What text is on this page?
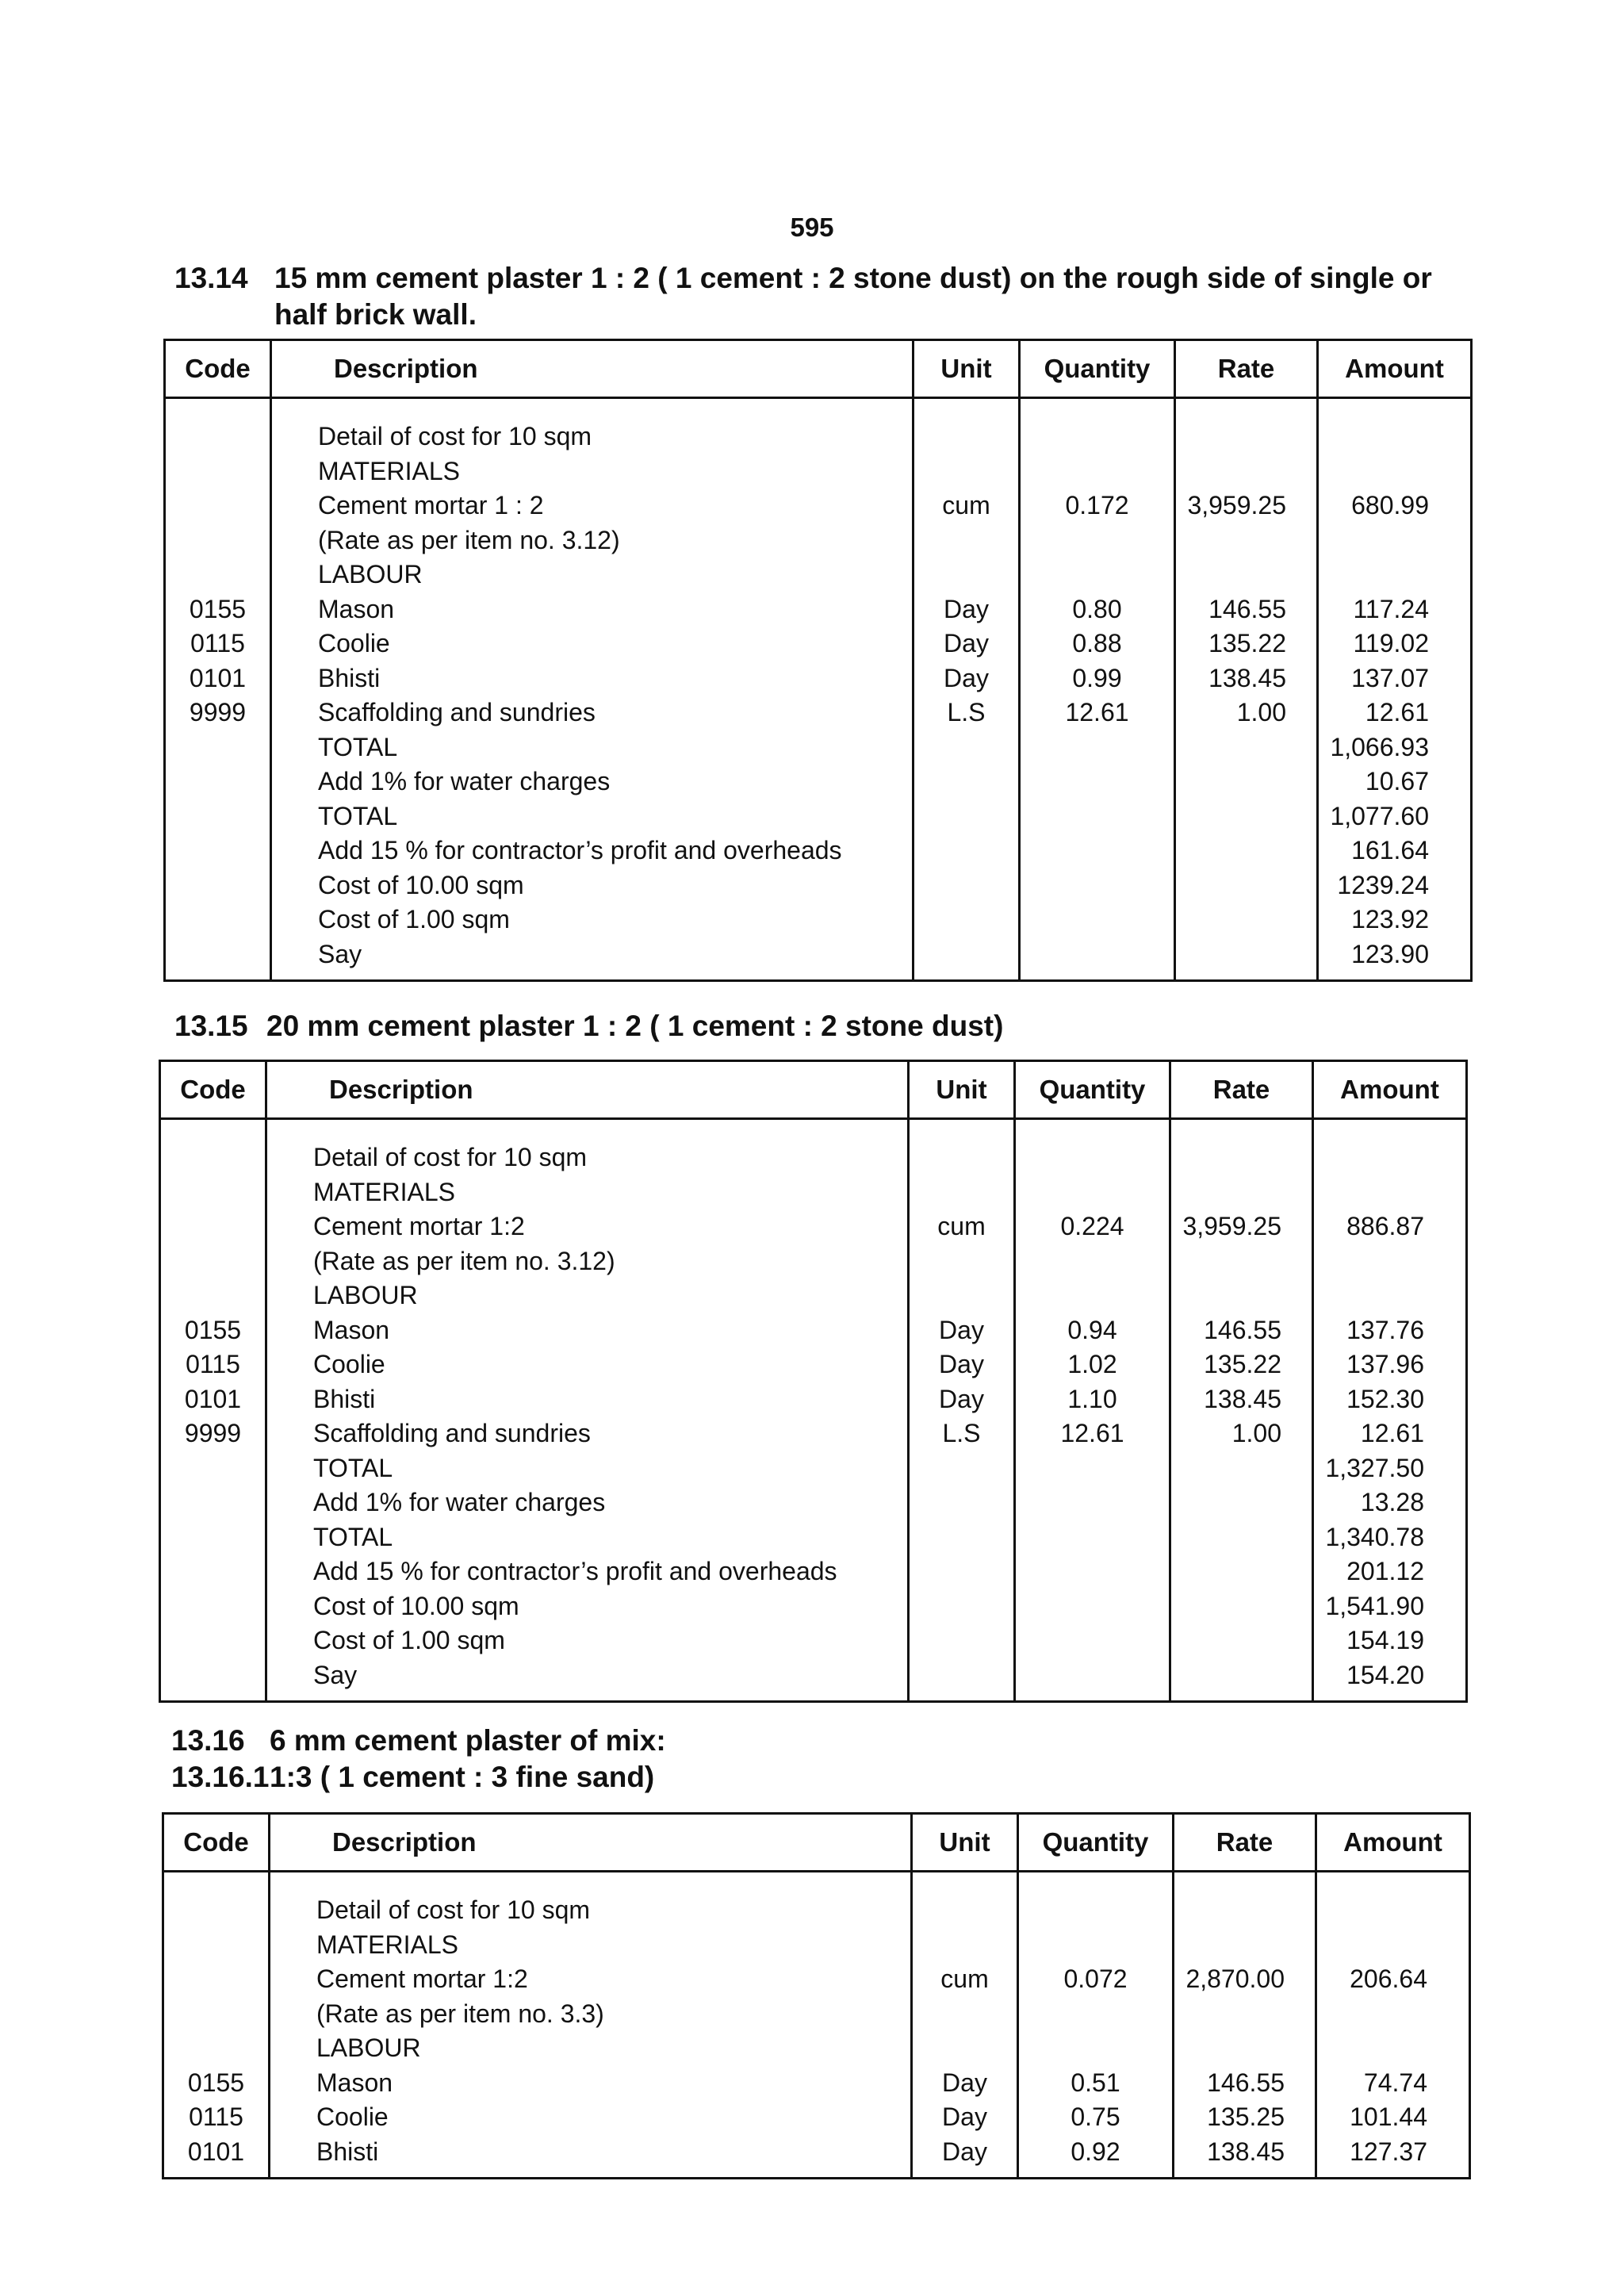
595
13.14 15 mm cement plaster 1 : 2 ( 1 cement : 2 stone dust) on the rough side of single or
half brick wall.
Code	Description	Unit	Quantity	Rate	Amount

	Detail of cost for 10 sqm				
	MATERIALS				
	Cement mortar 1 : 2	cum	0.172	3,959.25	680.99
	(Rate as per item no. 3.12)				
	LABOUR				
0155	Mason	Day	0.80	146.55	117.24
0115	Coolie	Day	0.88	135.22	119.02
0101	Bhisti	Day	0.99	138.45	137.07
9999	Scaffolding and sundries	L.S	12.61	1.00	12.61
	TOTAL				1,066.93
	Add 1% for water charges				10.67
	TOTAL				1,077.60
	Add 15 % for contractor’s profit and overheads				161.64
	Cost of 10.00 sqm				1239.24
	Cost of 1.00 sqm				123.92
	Say				123.90
13.15 20 mm cement plaster 1 : 2 ( 1 cement : 2 stone dust)
Code	Description	Unit	Quantity	Rate	Amount

	Detail of cost for 10 sqm				
	MATERIALS				
	Cement mortar 1:2	cum	0.224	3,959.25	886.87
	(Rate as per item no. 3.12)				
	LABOUR				
0155	Mason	Day	0.94	146.55	137.76
0115	Coolie	Day	1.02	135.22	137.96
0101	Bhisti	Day	1.10	138.45	152.30
9999	Scaffolding and sundries	L.S	12.61	1.00	12.61
	TOTAL				1,327.50
	Add 1% for water charges				13.28
	TOTAL				1,340.78
	Add 15 % for contractor’s profit and overheads				201.12
	Cost of 10.00 sqm				1,541.90
	Cost of 1.00 sqm				154.19
	Say				154.20
13.16 6 mm cement plaster of mix:
13.16.11:3 ( 1 cement : 3 fine sand)
Code	Description	Unit	Quantity	Rate	Amount

	Detail of cost for 10 sqm				
	MATERIALS				
	Cement mortar 1:2	cum	0.072	2,870.00	206.64
	(Rate as per item no. 3.3)				
	LABOUR				
0155	Mason	Day	0.51	146.55	74.74
0115	Coolie	Day	0.75	135.25	101.44
0101	Bhisti	Day	0.92	138.45	127.37
